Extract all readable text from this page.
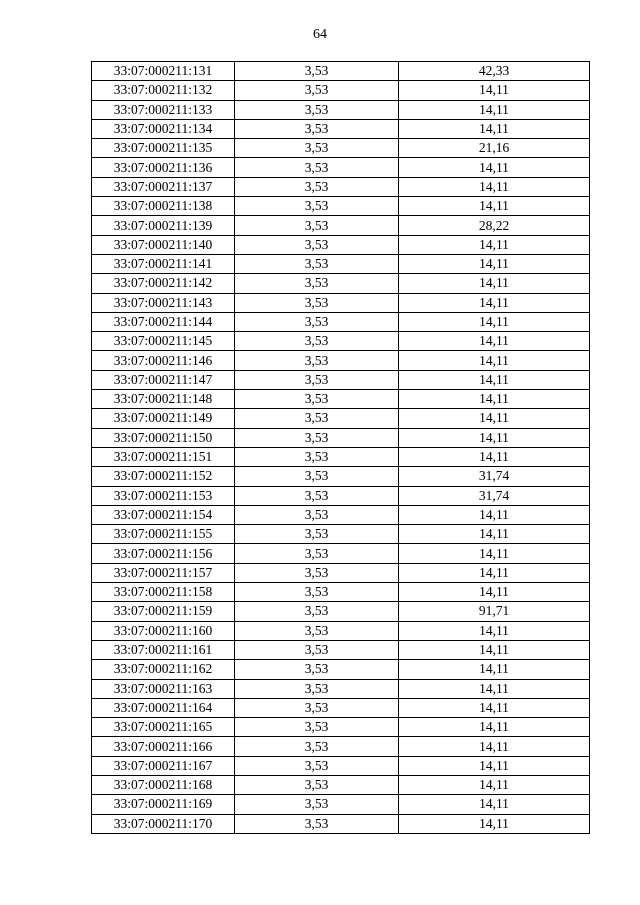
64
33:07:000211:131	3,53	42,33
33:07:000211:132	3,53	14,11
33:07:000211:133	3,53	14,11
33:07:000211:134	3,53	14,11
33:07:000211:135	3,53	21,16
33:07:000211:136	3,53	14,11
33:07:000211:137	3,53	14,11
33:07:000211:138	3,53	14,11
33:07:000211:139	3,53	28,22
33:07:000211:140	3,53	14,11
33:07:000211:141	3,53	14,11
33:07:000211:142	3,53	14,11
33:07:000211:143	3,53	14,11
33:07:000211:144	3,53	14,11
33:07:000211:145	3,53	14,11
33:07:000211:146	3,53	14,11
33:07:000211:147	3,53	14,11
33:07:000211:148	3,53	14,11
33:07:000211:149	3,53	14,11
33:07:000211:150	3,53	14,11
33:07:000211:151	3,53	14,11
33:07:000211:152	3,53	31,74
33:07:000211:153	3,53	31,74
33:07:000211:154	3,53	14,11
33:07:000211:155	3,53	14,11
33:07:000211:156	3,53	14,11
33:07:000211:157	3,53	14,11
33:07:000211:158	3,53	14,11
33:07:000211:159	3,53	91,71
33:07:000211:160	3,53	14,11
33:07:000211:161	3,53	14,11
33:07:000211:162	3,53	14,11
33:07:000211:163	3,53	14,11
33:07:000211:164	3,53	14,11
33:07:000211:165	3,53	14,11
33:07:000211:166	3,53	14,11
33:07:000211:167	3,53	14,11
33:07:000211:168	3,53	14,11
33:07:000211:169	3,53	14,11
33:07:000211:170	3,53	14,11
